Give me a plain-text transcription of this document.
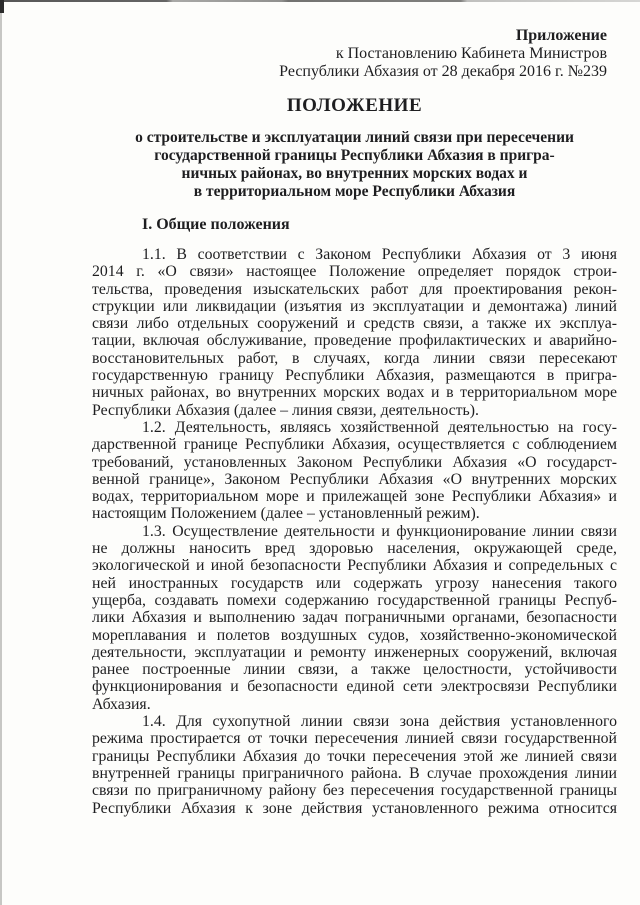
Приложение
к Постановлению Кабинета Министров
Республики Абхазия от 28 декабря 2016 г. №239
ПОЛОЖЕНИЕ
о строительстве и эксплуатации линий связи при пересечении
государственной границы Республики Абхазия в пригра-
ничных районах, во внутренних морских водах и
в территориальном море Республики Абхазия
I. Общие положения
1.1. В соответствии с Законом Республики Абхазия от 3 июня
2014 г. «О связи» настоящее Положение определяет порядок строи-
тельства, проведения изыскательских работ для проектирования рекон-
струкции или ликвидации (изъятия из эксплуатации и демонтажа) линий
связи либо отдельных сооружений и средств связи, а также их эксплуа-
тации, включая обслуживание, проведение профилактических и аварийно-
восстановительных работ, в случаях, когда линии связи пересекают
государственную границу Республики Абхазия, размещаются в пригра-
ничных районах, во внутренних морских водах и в территориальном море
Республики Абхазия (далее – линия связи, деятельность).
1.2. Деятельность, являясь хозяйственной деятельностью на госу-
дарственной границе Республики Абхазия, осуществляется с соблюдением
требований, установленных Законом Республики Абхазия «О государст-
венной границе», Законом Республики Абхазия «О внутренних морских
водах, территориальном море и прилежащей зоне Республики Абхазия» и
настоящим Положением (далее – установленный режим).
1.3. Осуществление деятельности и функционирование линии связи
не должны наносить вред здоровью населения, окружающей среде,
экологической и иной безопасности Республики Абхазия и сопредельных с
ней иностранных государств или содержать угрозу нанесения такого
ущерба, создавать помехи содержанию государственной границы Респуб-
лики Абхазия и выполнению задач пограничными органами, безопасности
мореплавания и полетов воздушных судов, хозяйственно-экономической
деятельности, эксплуатации и ремонту инженерных сооружений, включая
ранее построенные линии связи, а также целостности, устойчивости
функционирования и безопасности единой сети электросвязи Республики
Абхазия.
1.4. Для сухопутной линии связи зона действия установленного
режима простирается от точки пересечения линией связи государственной
границы Республики Абхазия до точки пересечения этой же линией связи
внутренней границы приграничного района. В случае прохождения линии
связи по приграничному району без пересечения государственной границы
Республики Абхазия к зоне действия установленного режима относится
